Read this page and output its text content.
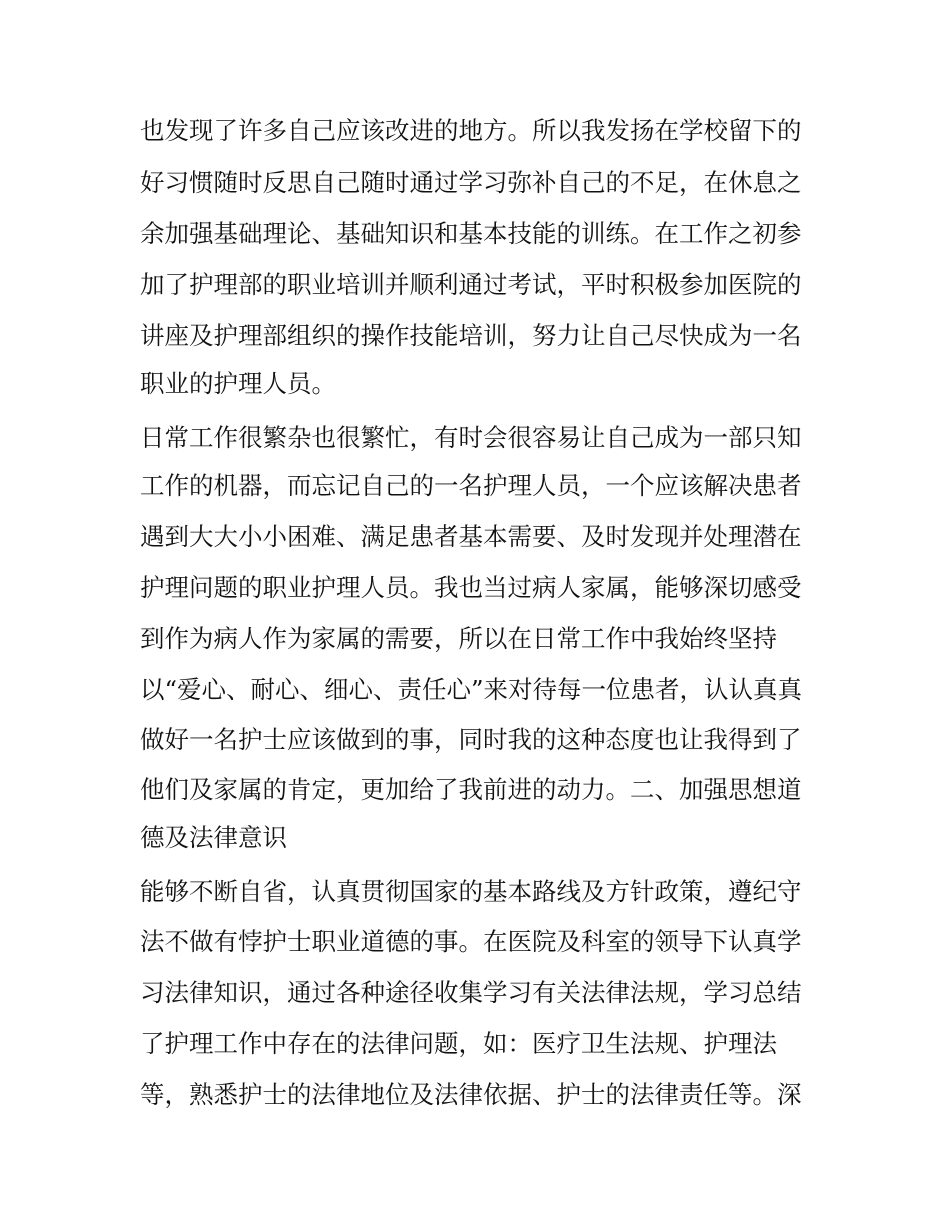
也发现了许多自己应该改进的地方。所以我发扬在学校留下的
好习惯随时反思自己随时通过学习弥补自己的不足，在休息之
余加强基础理论、基础知识和基本技能的训练。在工作之初参
加了护理部的职业培训并顺利通过考试，平时积极参加医院的
讲座及护理部组织的操作技能培训，努力让自己尽快成为一名
职业的护理人员。
日常工作很繁杂也很繁忙，有时会很容易让自己成为一部只知
工作的机器，而忘记自己的一名护理人员，一个应该解决患者
遇到大大小小困难、满足患者基本需要、及时发现并处理潜在
护理问题的职业护理人员。我也当过病人家属，能够深切感受
到作为病人作为家属的需要，所以在日常工作中我始终坚持
以“爱心、耐心、细心、责任心”来对待每一位患者，认认真真
做好一名护士应该做到的事，同时我的这种态度也让我得到了
他们及家属的肯定，更加给了我前进的动力。二、加强思想道
德及法律意识
能够不断自省，认真贯彻国家的基本路线及方针政策，遵纪守
法不做有悖护士职业道德的事。在医院及科室的领导下认真学
习法律知识，通过各种途径收集学习有关法律法规，学习总结
了护理工作中存在的法律问题，如：医疗卫生法规、护理法
等，熟悉护士的法律地位及法律依据、护士的法律责任等。深
